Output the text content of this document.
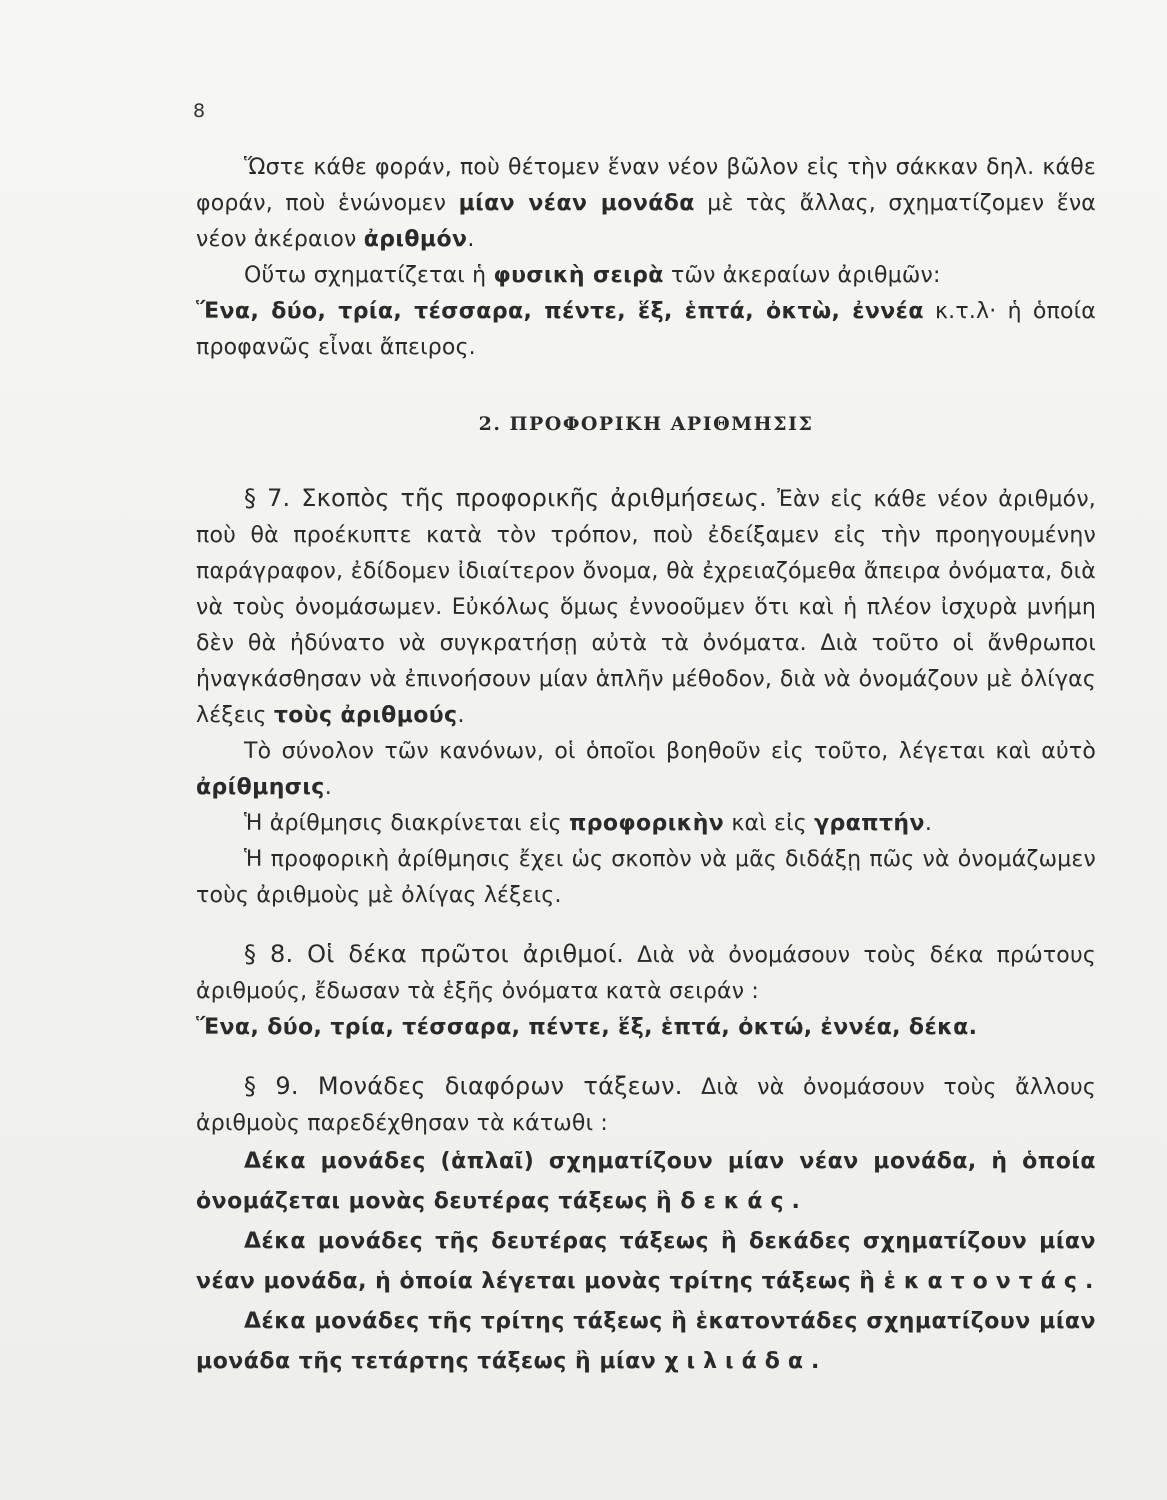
8

Ὥστε κάθε φοράν, ποὺ θέτομεν ἕναν νέον βῶλον εἰς τὴν σάκκαν δηλ. κάθε φοράν, ποὺ ἑνώνομεν μίαν νέαν μονάδα μὲ τὰς ἄλλας, σχηματίζομεν ἕνα νέον ἀκέραιον ἀριθμόν.

Οὕτω σχηματίζεται ἡ φυσικὴ σειρὰ τῶν ἀκεραίων ἀριθμῶν:

Ἕνα, δύο, τρία, τέσσαρα, πέντε, ἕξ, ἑπτά, ὀκτὼ, ἐννέα κ.τ.λ· ἡ ὁποία προφανῶς εἶναι ἄπειρος.

2. ΠΡΟΦΟΡΙΚΗ ΑΡΙΘΜΗΣΙΣ

§ 7. Σκοπὸς τῆς προφορικῆς ἀριθμήσεως. Ἐὰν εἰς κάθε νέον ἀριθμόν, ποὺ θὰ προέκυπτε κατὰ τὸν τρόπον, ποὺ ἐδείξαμεν εἰς τὴν προηγουμένην παράγραφον, ἐδίδομεν ἰδιαίτερον ὄνομα, θὰ ἐχρειαζόμεθα ἄπειρα ὀνόματα, διὰ νὰ τοὺς ὀνομάσωμεν. Εὐκόλως ὅμως ἐννοοῦμεν ὅτι καὶ ἡ πλέον ἰσχυρὰ μνήμη δὲν θὰ ἠδύνατο νὰ συγκρατήσῃ αὐτὰ τὰ ὀνόματα. Διὰ τοῦτο οἱ ἄνθρωποι ἠναγκάσθησαν νὰ ἐπινοήσουν μίαν ἁπλῆν μέθοδον, διὰ νὰ ὀνομάζουν μὲ ὀλίγας λέξεις τοὺς ἀριθμούς.

Τὸ σύνολον τῶν κανόνων, οἱ ὁποῖοι βοηθοῦν εἰς τοῦτο, λέγεται καὶ αὐτὸ ἀρίθμησις.

Ἡ ἀρίθμησις διακρίνεται εἰς προφορικὴν καὶ εἰς γραπτήν.

Ἡ προφορικὴ ἀρίθμησις ἔχει ὡς σκοπὸν νὰ μᾶς διδάξῃ πῶς νὰ ὀνομάζωμεν τοὺς ἀριθμοὺς μὲ ὀλίγας λέξεις.

§ 8. Οἱ δέκα πρῶτοι ἀριθμοί. Διὰ νὰ ὀνομάσουν τοὺς δέκα πρώτους ἀριθμούς, ἔδωσαν τὰ ἑξῆς ὀνόματα κατὰ σειράν :

Ἕνα, δύο, τρία, τέσσαρα, πέντε, ἕξ, ἑπτά, ὀκτώ, ἐννέα, δέκα.

§ 9. Μονάδες διαφόρων τάξεων. Διὰ νὰ ὀνομάσουν τοὺς ἄλλους ἀριθμοὺς παρεδέχθησαν τὰ κάτωθι :

Δέκα μονάδες (ἁπλαῖ) σχηματίζουν μίαν νέαν μονάδα, ἡ ὁποία ὀνομάζεται μονὰς δευτέρας τάξεως ἢ δεκάς.

Δέκα μονάδες τῆς δευτέρας τάξεως ἢ δεκάδες σχηματίζουν μίαν νέαν μονάδα, ἡ ὁποία λέγεται μονὰς τρίτης τάξεως ἢ ἑκατοντάς.

Δέκα μονάδες τῆς τρίτης τάξεως ἢ ἑκατοντάδες σχηματίζουν μίαν μονάδα τῆς τετάρτης τάξεως ἢ μίαν χιλιάδα.
